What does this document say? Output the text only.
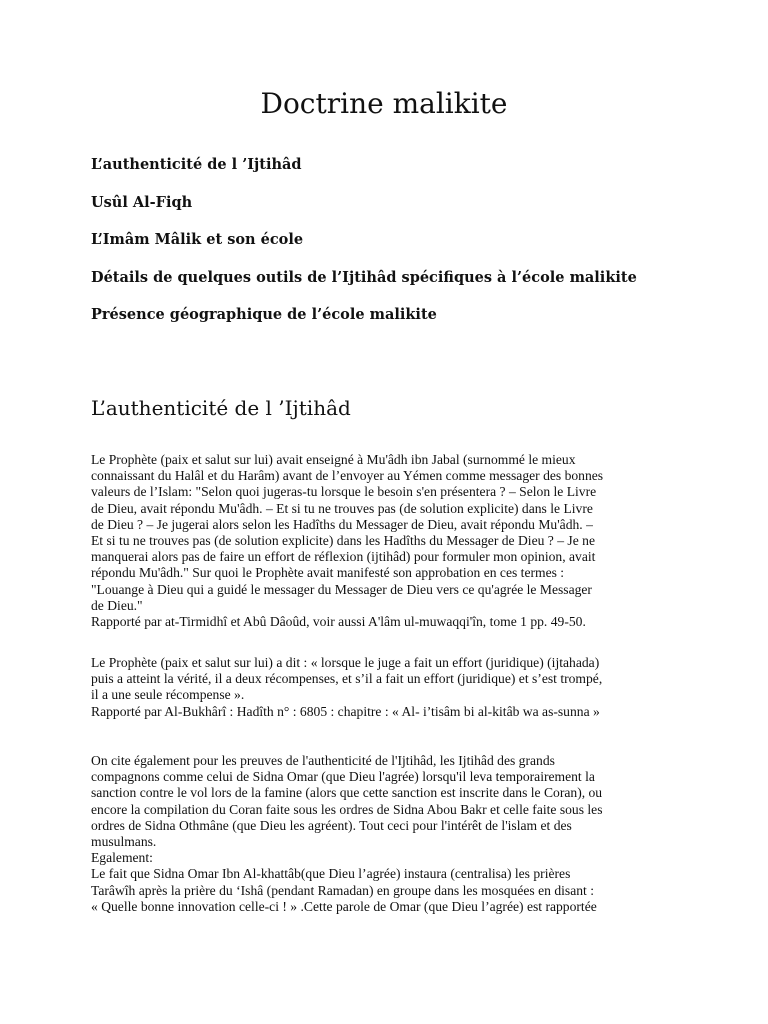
Doctrine malikite
L’authenticité de l ’Ijtihâd
Usûl Al-Fiqh
L’Imâm Mâlik et son école
Détails de quelques outils de l’Ijtihâd spécifiques à l’école malikite
Présence géographique de l’école malikite
L’authenticité de l ’Ijtihâd

Le Prophète (paix et salut sur lui) avait enseigné à Mu'âdh ibn Jabal (surnommé le mieux

connaissant du Halâl et du Harâm) avant de l’envoyer au Yémen comme messager des bonnes

valeurs de l’Islam: "Selon quoi jugeras-tu lorsque le besoin s'en présentera ? – Selon le Livre

de Dieu, avait répondu Mu'âdh. – Et si tu ne trouves pas (de solution explicite) dans le Livre

de Dieu ? – Je jugerai alors selon les Hadîths du Messager de Dieu, avait répondu Mu'âdh. –

Et si tu ne trouves pas (de solution explicite) dans les Hadîths du Messager de Dieu ? – Je ne

manquerai alors pas de faire un effort de réflexion (ijtihâd) pour formuler mon opinion, avait

répondu Mu'âdh." Sur quoi le Prophète avait manifesté son approbation en ces termes :

"Louange à Dieu qui a guidé le messager du Messager de Dieu vers ce qu'agrée le Messager

de Dieu."

Rapporté par at-Tirmidhî et Abû Dâoûd, voir aussi A'lâm ul-muwaqqi'în, tome 1 pp. 49-50.

Le Prophète (paix et salut sur lui) a dit : « lorsque le juge a fait un effort (juridique) (ijtahada)

puis a atteint la vérité, il a deux récompenses, et s’il a fait un effort (juridique) et s’est trompé,

il a une seule récompense ».

Rapporté par Al-Bukhârî : Hadîth n° : 6805 : chapitre : « Al- i’tisâm bi al-kitâb wa as-sunna »

On cite également pour les preuves de l'authenticité de l'Ijtihâd, les Ijtihâd des grands

compagnons comme celui de Sidna Omar (que Dieu l'agrée) lorsqu'il leva temporairement la

sanction contre le vol lors de la famine (alors que cette sanction est inscrite dans le Coran), ou

encore la compilation du Coran faite sous les ordres de Sidna Abou Bakr et celle faite sous les

ordres de Sidna Othmâne (que Dieu les agréent). Tout ceci pour l'intérêt de l'islam et des

musulmans.

Egalement:

Le fait que Sidna Omar Ibn Al-khattâb(que Dieu l’agrée) instaura (centralisa) les prières

Tarâwîh après la prière du ‘Ishâ (pendant Ramadan) en groupe dans les mosquées en disant :

« Quelle bonne innovation celle-ci ! » .Cette parole de Omar (que Dieu l’agrée) est rapportée
